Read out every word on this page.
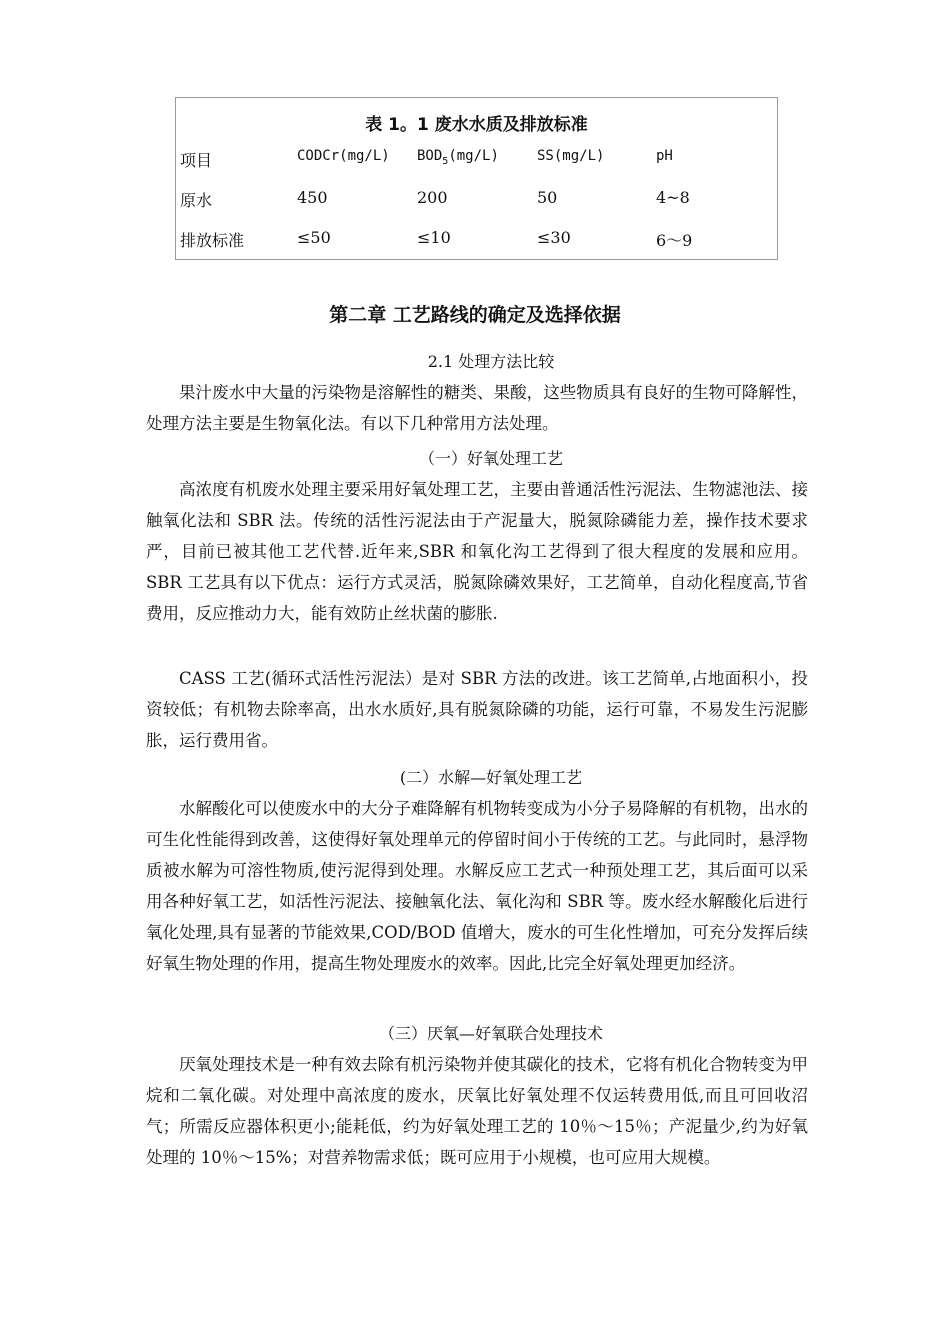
表 1。1 废水水质及排放标准
项目	CODCr(mg/L) $BOD_5(mg/L)$	SS(mg/L)	pH
原水	450	200	50	4~8
排放标准	≤50	≤10	≤30	6～9
第二章 工艺路线的确定及选择依据
2.1 处理方法比较

果汁废水中大量的污染物是溶解性的糖类、果酸，这些物质具有良好的生物可降解性，处理方法主要是生物氧化法。有以下几种常用方法处理。

（一）好氧处理工艺

高浓度有机废水处理主要采用好氧处理工艺，主要由普通活性污泥法、生物滤池法、接触氧化法和 SBR 法。传统的活性污泥法由于产泥量大，脱氮除磷能力差，操作技术要求严，目前已被其他工艺代替.近年来,SBR 和氧化沟工艺得到了很大程度的发展和应用。SBR 工艺具有以下优点：运行方式灵活，脱氮除磷效果好，工艺简单，自动化程度高,节省费用，反应推动力大，能有效防止丝状菌的膨胀.

CASS 工艺(循环式活性污泥法）是对 SBR 方法的改进。该工艺简单,占地面积小，投资较低；有机物去除率高，出水水质好,具有脱氮除磷的功能，运行可靠，不易发生污泥膨胀，运行费用省。

(二）水解—好氧处理工艺

水解酸化可以使废水中的大分子难降解有机物转变成为小分子易降解的有机物，出水的可生化性能得到改善，这使得好氧处理单元的停留时间小于传统的工艺。与此同时，悬浮物质被水解为可溶性物质,使污泥得到处理。水解反应工艺式一种预处理工艺，其后面可以采用各种好氧工艺，如活性污泥法、接触氧化法、氧化沟和 SBR 等。废水经水解酸化后进行氧化处理,具有显著的节能效果,COD/BOD 值增大，废水的可生化性增加，可充分发挥后续好氧生物处理的作用，提高生物处理废水的效率。因此,比完全好氧处理更加经济。

（三）厌氧—好氧联合处理技术

厌氧处理技术是一种有效去除有机污染物并使其碳化的技术，它将有机化合物转变为甲烷和二氧化碳。对处理中高浓度的废水，厌氧比好氧处理不仅运转费用低,而且可回收沼气；所需反应器体积更小;能耗低，约为好氧处理工艺的 10％～15％；产泥量少,约为好氧处理的 10％～15%；对营养物需求低；既可应用于小规模，也可应用大规模。
